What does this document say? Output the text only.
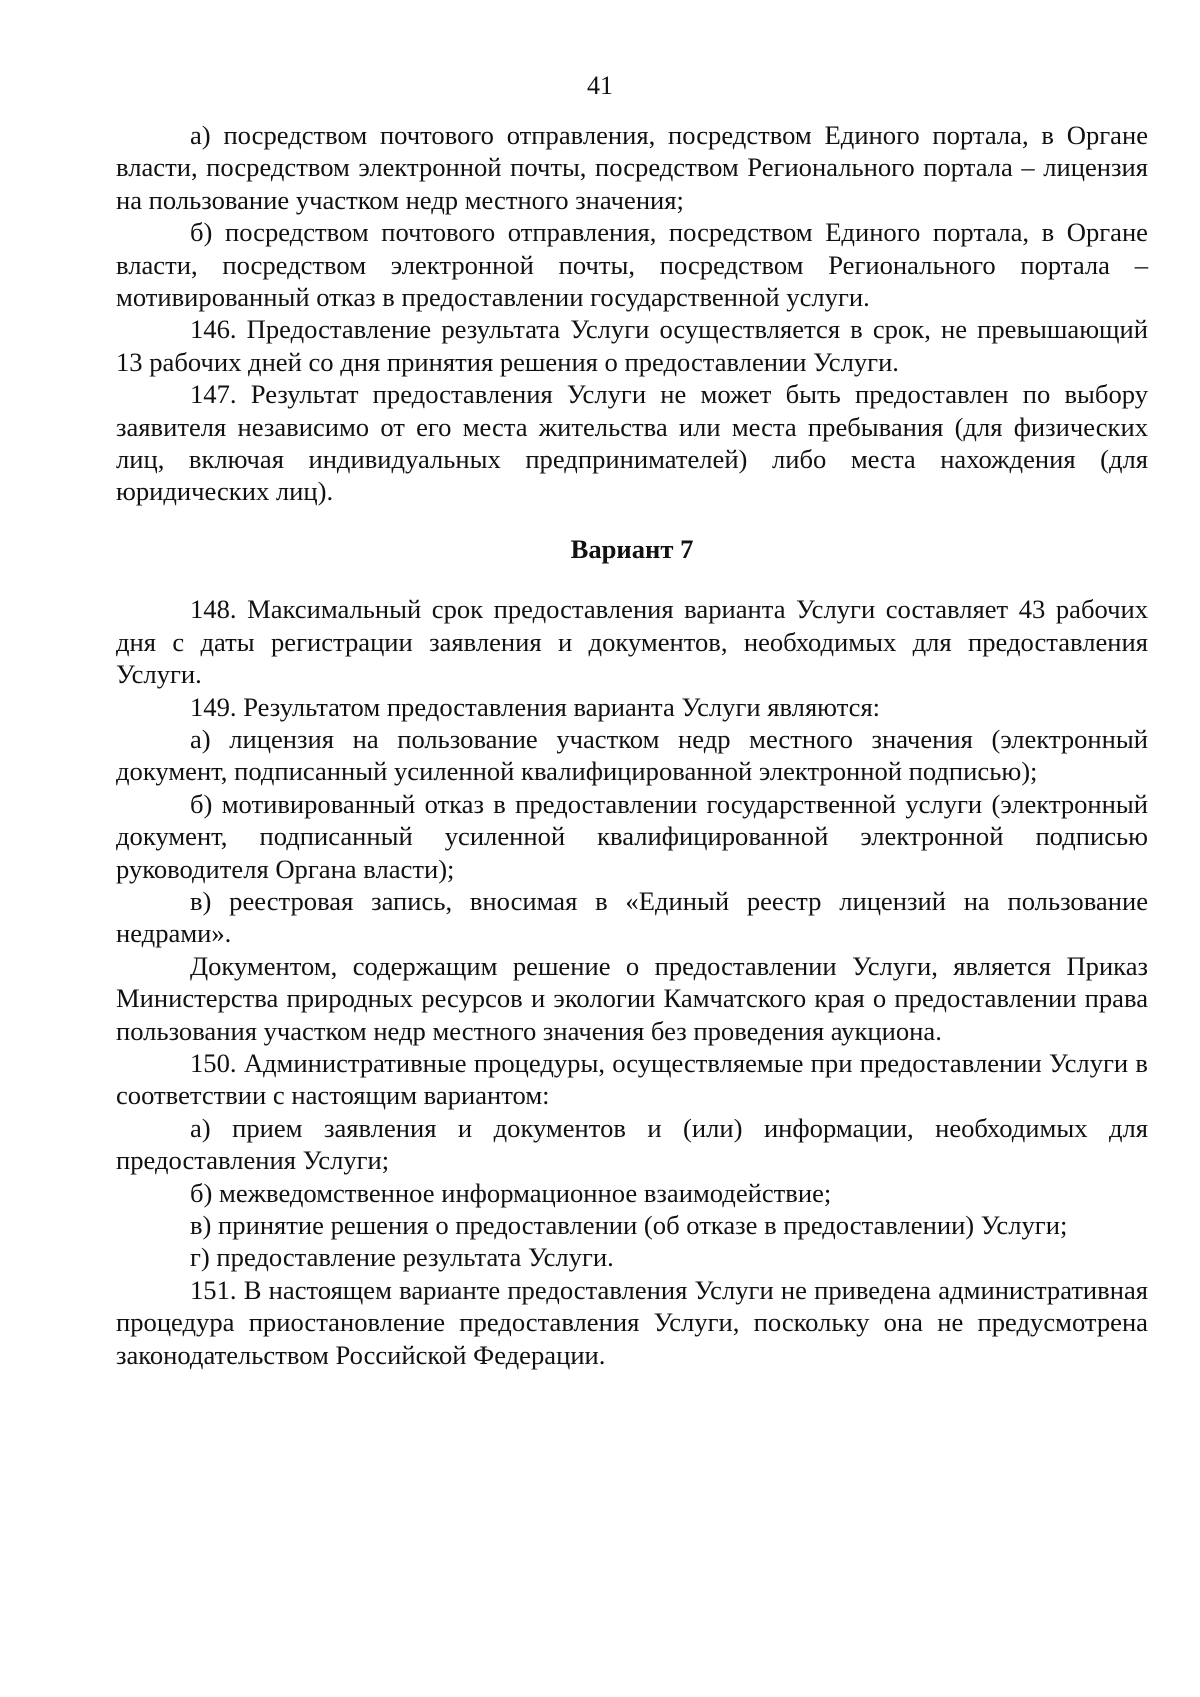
41

а) посредством почтового отправления, посредством Единого портала, в Органе власти, посредством электронной почты, посредством Регионального портала – лицензия на пользование участком недр местного значения;

б) посредством почтового отправления, посредством Единого портала, в Органе власти, посредством электронной почты, посредством Регионального портала – мотивированный отказ в предоставлении государственной услуги.

146. Предоставление результата Услуги осуществляется в срок, не превышающий 13 рабочих дней со дня принятия решения о предоставлении Услуги.

147. Результат предоставления Услуги не может быть предоставлен по выбору заявителя независимо от его места жительства или места пребывания (для физических лиц, включая индивидуальных предпринимателей) либо места нахождения (для юридических лиц).

Вариант 7

148. Максимальный срок предоставления варианта Услуги составляет 43 рабочих дня с даты регистрации заявления и документов, необходимых для предоставления Услуги.

149. Результатом предоставления варианта Услуги являются:

а) лицензия на пользование участком недр местного значения (электронный документ, подписанный усиленной квалифицированной электронной подписью);

б) мотивированный отказ в предоставлении государственной услуги (электронный документ, подписанный усиленной квалифицированной электронной подписью руководителя Органа власти);

в) реестровая запись, вносимая в «Единый реестр лицензий на пользование недрами».

Документом, содержащим решение о предоставлении Услуги, является Приказ Министерства природных ресурсов и экологии Камчатского края о предоставлении права пользования участком недр местного значения без проведения аукциона.

150. Административные процедуры, осуществляемые при предоставлении Услуги в соответствии с настоящим вариантом:

а) прием заявления и документов и (или) информации, необходимых для предоставления Услуги;

б) межведомственное информационное взаимодействие;

в) принятие решения о предоставлении (об отказе в предоставлении) Услуги;

г) предоставление результата Услуги.

151. В настоящем варианте предоставления Услуги не приведена административная процедура приостановление предоставления Услуги, поскольку она не предусмотрена законодательством Российской Федерации.
